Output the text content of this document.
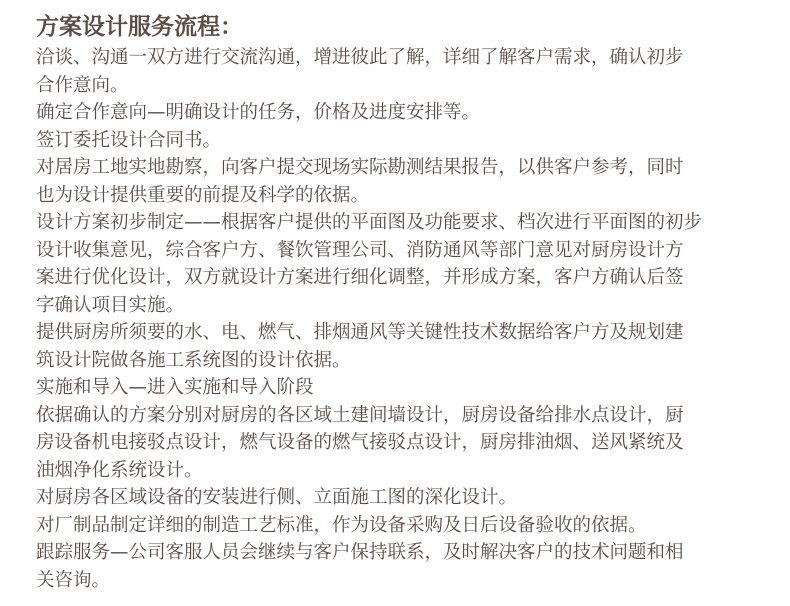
方案设计服务流程：
洽谈、沟通一双方进行交流沟通，增进彼此了解，详细了解客户需求，确认初步
合作意向。
确定合作意向—明确设计的任务，价格及进度安排等。
签订委托设计合同书。
对居房工地实地勘察，向客户提交现场实际勘测结果报告，以供客户参考，同时
也为设计提供重要的前提及科学的依据。
设计方案初步制定——根据客户提供的平面图及功能要求、档次进行平面图的初步
设计收集意见，综合客户方、餐饮管理公司、消防通风等部门意见对厨房设计方
案进行优化设计，双方就设计方案进行细化调整，并形成方案，客户方确认后签
字确认项目实施。
提供厨房所须要的水、电、燃气、排烟通风等关键性技术数据给客户方及规划建
筑设计院做各施工系统图的设计依据。
实施和导入—进入实施和导入阶段
依据确认的方案分别对厨房的各区域土建间墙设计，厨房设备给排水点设计，厨
房设备机电接驳点设计，燃气设备的燃气接驳点设计，厨房排油烟、送风紧统及
油烟净化系统设计。
对厨房各区域设备的安装进行侧、立面施工图的深化设计。
对厂制品制定详细的制造工艺标准，作为设备采购及日后设备验收的依据。
跟踪服务—公司客服人员会继续与客户保持联系，及时解决客户的技术问题和相
关咨询。
